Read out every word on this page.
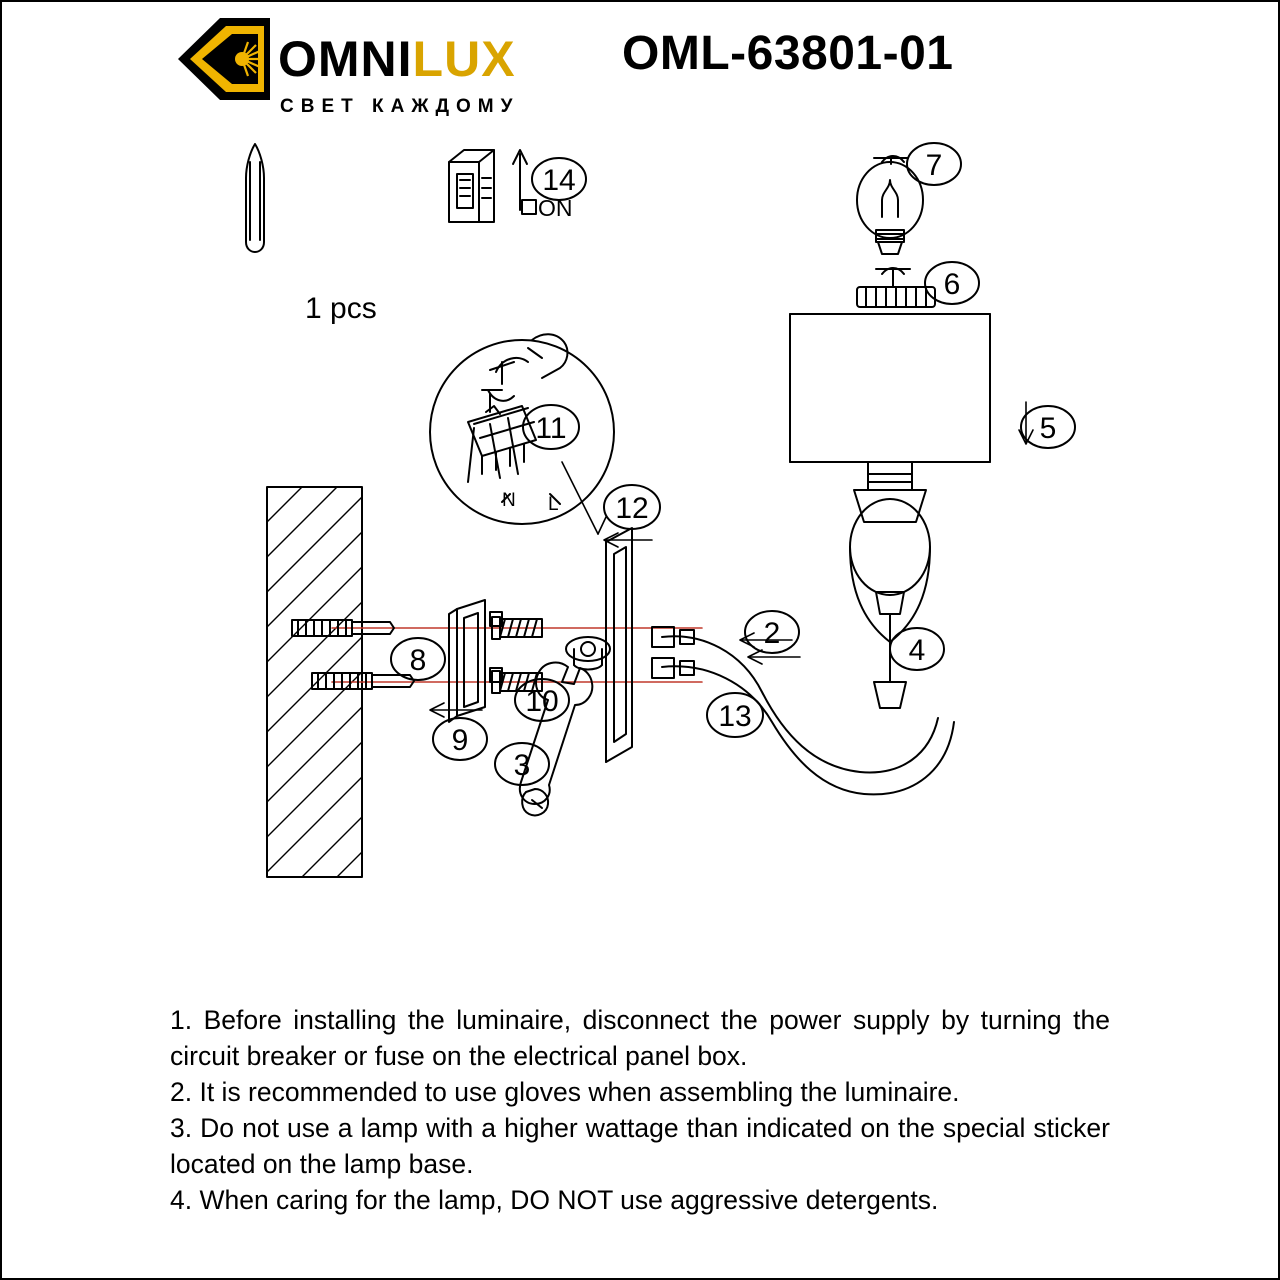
OMNILUX
СВЕТ КАЖДОМУ
OML-63801-01
ON
L
N
14	7
6
5
11
12
2
4
8
10	13
9
3
1 pcs

1. Before installing the luminaire, disconnect the power supply by turning the circuit breaker or fuse on the electrical panel box.

2. It is recommended to use gloves when assembling the luminaire.

3. Do not use a lamp with a higher wattage than indicated on the special sticker located on the lamp base.

4. When caring for the lamp, DO NOT use aggressive detergents.
